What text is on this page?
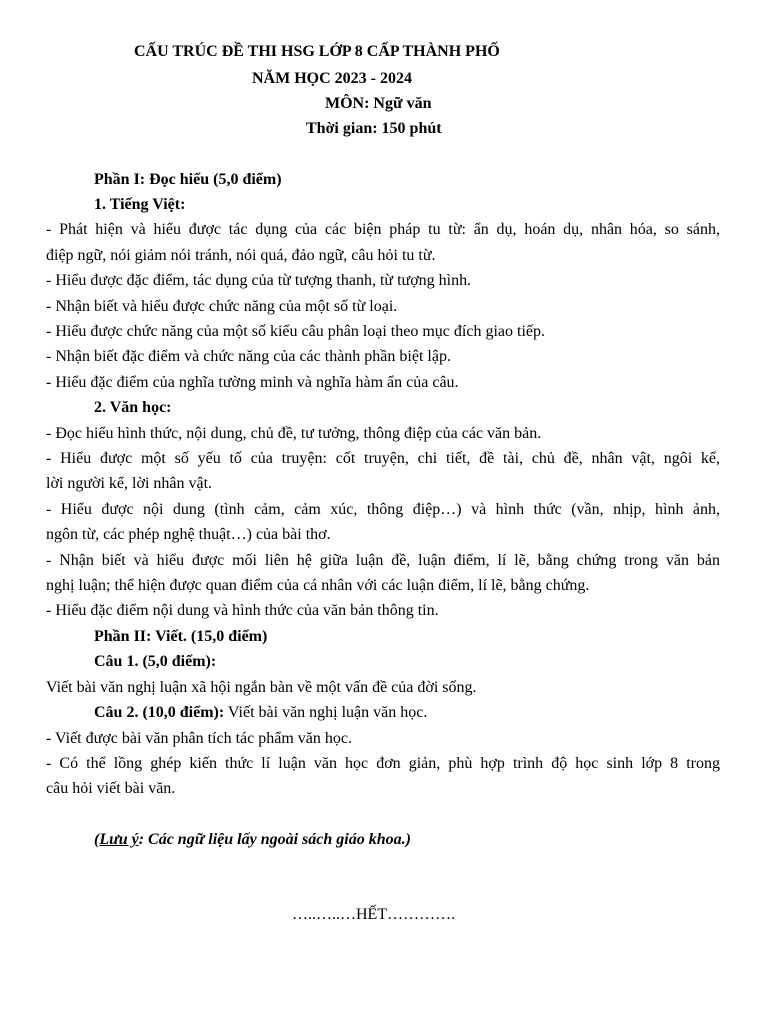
CẤU TRÚC ĐỀ THI HSG LỚP 8 CẤP THÀNH PHỐ
NĂM HỌC 2023 - 2024
MÔN: Ngữ văn
Thời gian: 150 phút
Phần I: Đọc hiểu (5,0 điểm)
1. Tiếng Việt:
- Phát hiện và hiểu được tác dụng của các biện pháp tu từ: ẩn dụ, hoán dụ, nhân hóa, so sánh,
điệp ngữ, nói giảm nói tránh, nói quá, đảo ngữ, câu hỏi tu từ.
- Hiểu được đặc điểm, tác dụng của từ tượng thanh, từ tượng hình.
- Nhận biết và hiểu được chức năng của một số từ loại.
- Hiểu được chức năng của một số kiểu câu phân loại theo mục đích giao tiếp.
- Nhận biết đặc điểm và chức năng của các thành phần biệt lập.
- Hiểu đặc điểm của nghĩa tường minh và nghĩa hàm ẩn của câu.
2. Văn học:
- Đọc hiểu hình thức, nội dung, chủ đề, tư tưởng, thông điệp của các văn bản.
- Hiểu được một số yếu tố của truyện: cốt truyện, chi tiết, đề tài, chủ đề, nhân vật, ngôi kể,
lời người kể, lời nhân vật.
- Hiểu được nội dung (tình cảm, cảm xúc, thông điệp…) và hình thức (vần, nhịp, hình ảnh,
ngôn từ, các phép nghệ thuật…) của bài thơ.
- Nhận biết và hiểu được mối liên hệ giữa luận đề, luận điểm, lí lẽ, bằng chứng trong văn bản
nghị luận; thể hiện được quan điểm của cá nhân với các luận điểm, lí lẽ, bằng chứng.
- Hiểu đặc điểm nội dung và hình thức của văn bản thông tin.
Phần II: Viết. (15,0 điểm)
Câu 1. (5,0 điểm):
Viết bài văn nghị luận xã hội ngắn bàn về một vấn đề của đời sống.
Câu 2. (10,0 điểm): Viết bài văn nghị luận văn học.
- Viết được bài văn phân tích tác phẩm văn học.
- Có thể lồng ghép kiến thức lí luận văn học đơn giản, phù hợp trình độ học sinh lớp 8 trong
câu hỏi viết bài văn.
(Lưu ý: Các ngữ liệu lấy ngoài sách giáo khoa.)
…..…..…HẾT………….
